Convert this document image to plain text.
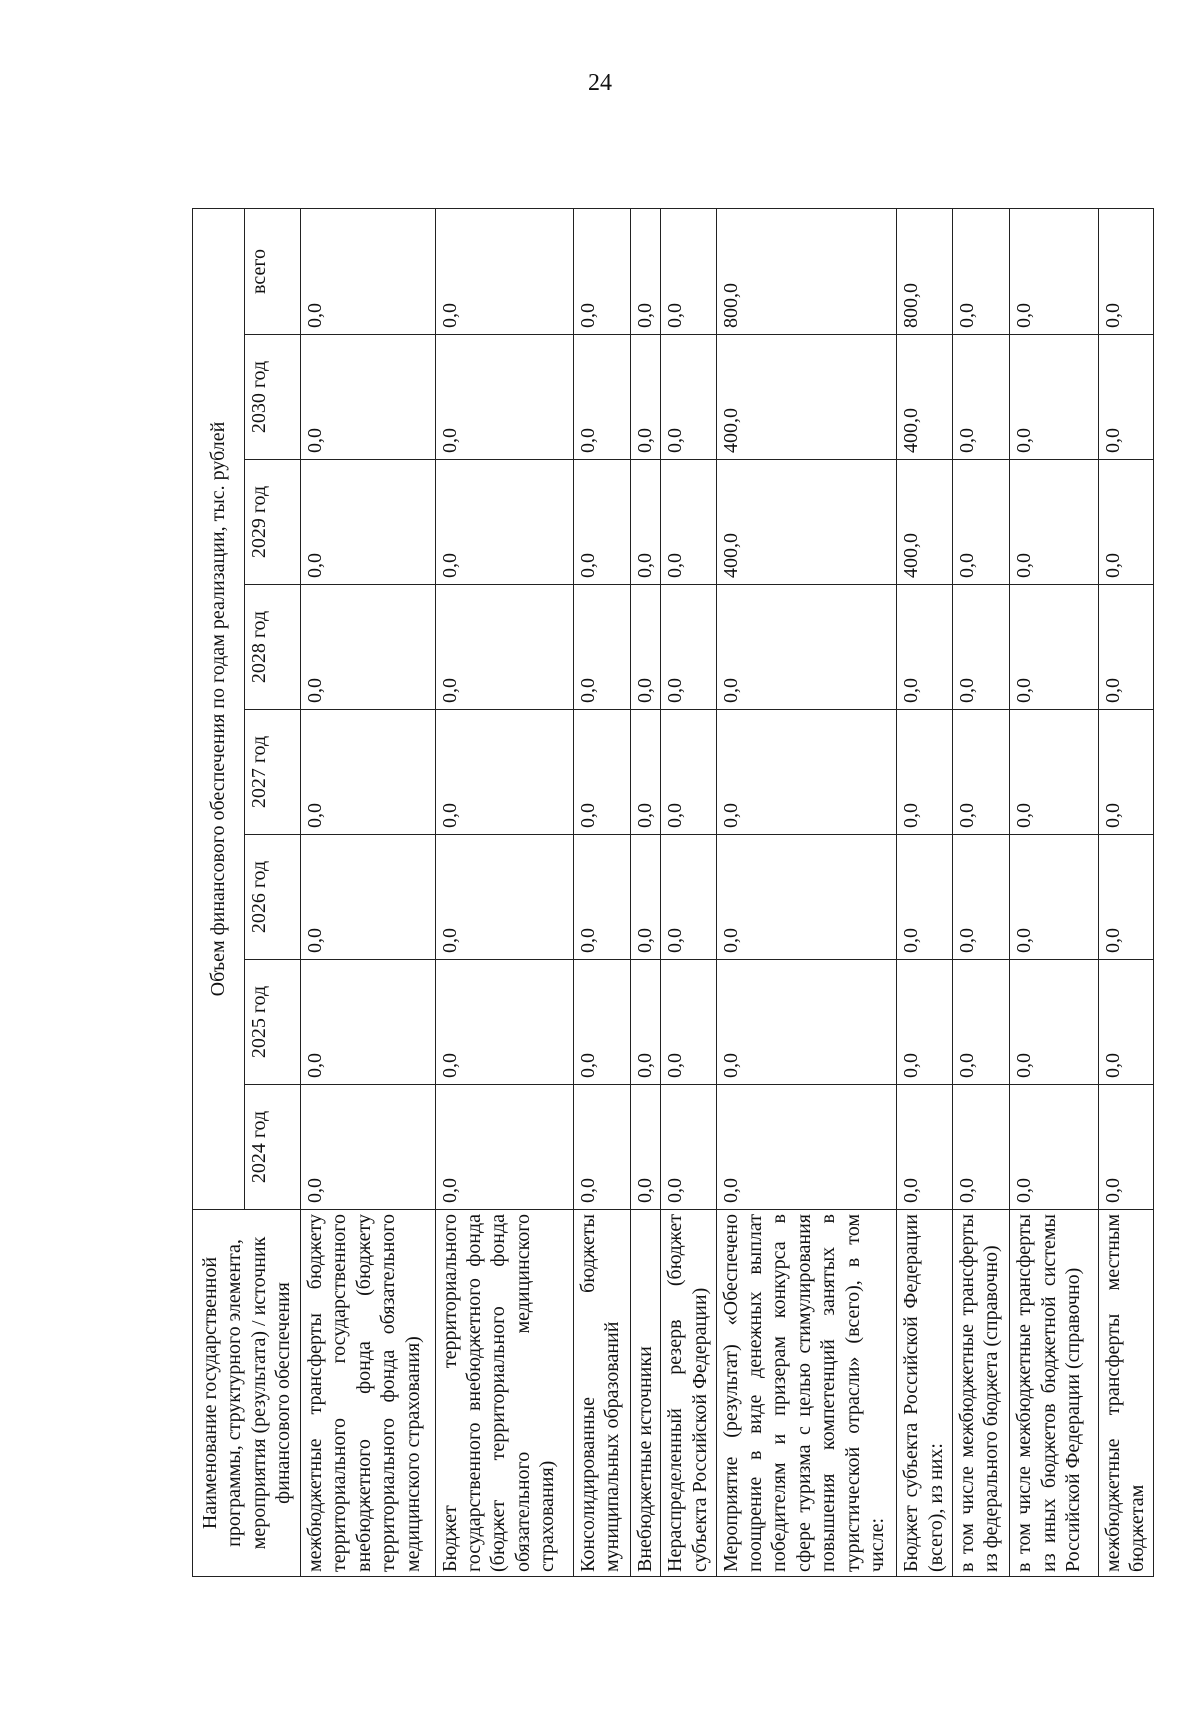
24
Наименование государственной программы, структурного элемента, мероприятия (результата) / источник финансового обеспечения	Объем финансового обеспечения по годам реализации, тыс. рублей							
	2024 год	2025 год	2026 год	2027 год	2028 год	2029 год	2030 год	всего
межбюджетные трансферты бюджету территориального государственного внебюджетного фонда (бюджету территориального фонда обязательного медицинского страхования)	0,0	0,0	0,0	0,0	0,0	0,0	0,0	0,0
Бюджет территориального государственного внебюджетного фонда (бюджет территориального фонда обязательного медицинского страхования)	0,0	0,0	0,0	0,0	0,0	0,0	0,0	0,0
Консолидированные бюджеты муниципальных образований	0,0	0,0	0,0	0,0	0,0	0,0	0,0	0,0
Внебюджетные источники	0,0	0,0	0,0	0,0	0,0	0,0	0,0	0,0
Нераспределенный резерв (бюджет субъекта Российской Федерации)	0,0	0,0	0,0	0,0	0,0	0,0	0,0	0,0
Мероприятие (результат) «Обеспечено поощрение в виде денежных выплат победителям и призерам конкурса в сфере туризма с целью стимулирования повышения компетенций занятых в туристической отрасли» (всего), в том числе:	0,0	0,0	0,0	0,0	0,0	400,0	400,0	800,0
Бюджет субъекта Российской Федерации (всего), из них:	0,0	0,0	0,0	0,0	0,0	400,0	400,0	800,0
в том числе межбюджетные трансферты из федерального бюджета (справочно)	0,0	0,0	0,0	0,0	0,0	0,0	0,0	0,0
в том числе межбюджетные трансферты из иных бюджетов бюджетной системы Российской Федерации (справочно)	0,0	0,0	0,0	0,0	0,0	0,0	0,0	0,0
межбюджетные трансферты местным бюджетам	0,0	0,0	0,0	0,0	0,0	0,0	0,0	0,0
